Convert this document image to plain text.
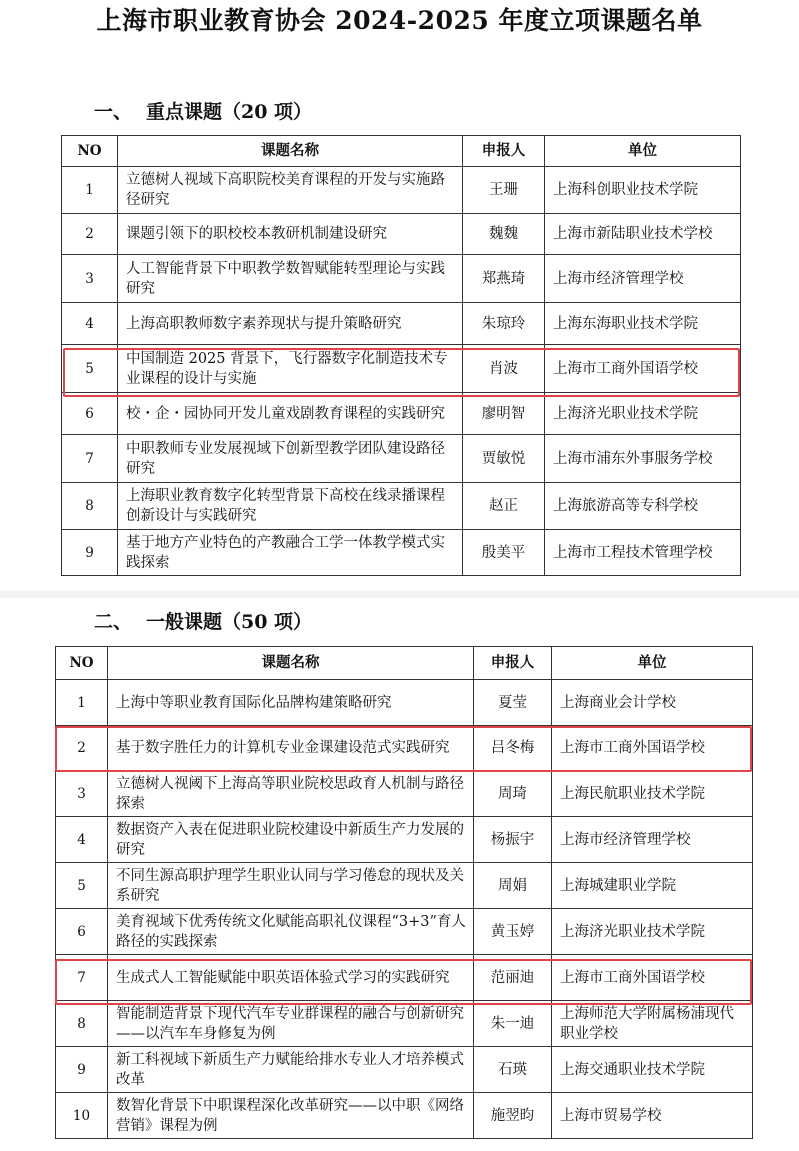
上海市职业教育协会 2024-2025 年度立项课题名单
一、 重点课题（20 项）
NO	课题名称	申报人	单位
1	立德树人视域下高职院校美育课程的开发与实施路径研究	王珊	上海科创职业技术学院
2	课题引领下的职校校本教研机制建设研究	魏魏	上海市新陆职业技术学校
3	人工智能背景下中职教学数智赋能转型理论与实践研究	郑燕琦	上海市经济管理学校
4	上海高职教师数字素养现状与提升策略研究	朱琼玲	上海东海职业技术学院
5	中国制造 2025 背景下，飞行器数字化制造技术专业课程的设计与实施	肖波	上海市工商外国语学校
6	校・企・园协同开发儿童戏剧教育课程的实践研究	廖明智	上海济光职业技术学院
7	中职教师专业发展视域下创新型教学团队建设路径研究	贾敏悦	上海市浦东外事服务学校
8	上海职业教育数字化转型背景下高校在线录播课程创新设计与实践研究	赵正	上海旅游高等专科学校
9	基于地方产业特色的产教融合工学一体教学模式实践探索	殷美平	上海市工程技术管理学校
二、 一般课题（50 项）
NO	课题名称	申报人	单位
1	上海中等职业教育国际化品牌构建策略研究	夏莹	上海商业会计学校
2	基于数字胜任力的计算机专业金课建设范式实践研究	吕冬梅	上海市工商外国语学校
3	立德树人视阈下上海高等职业院校思政育人机制与路径探索	周琦	上海民航职业技术学院
4	数据资产入表在促进职业院校建设中新质生产力发展的研究	杨振宇	上海市经济管理学校
5	不同生源高职护理学生职业认同与学习倦怠的现状及关系研究	周娟	上海城建职业学院
6	美育视域下优秀传统文化赋能高职礼仪课程“3+3”育人路径的实践探索	黄玉婷	上海济光职业技术学院
7	生成式人工智能赋能中职英语体验式学习的实践研究	范丽迪	上海市工商外国语学校
8	智能制造背景下现代汽车专业群课程的融合与创新研究——以汽车车身修复为例	朱一迪	上海师范大学附属杨浦现代职业学校
9	新工科视域下新质生产力赋能给排水专业人才培养模式改革	石瑛	上海交通职业技术学院
10	数智化背景下中职课程深化改革研究——以中职《网络营销》课程为例	施翌昀	上海市贸易学校
